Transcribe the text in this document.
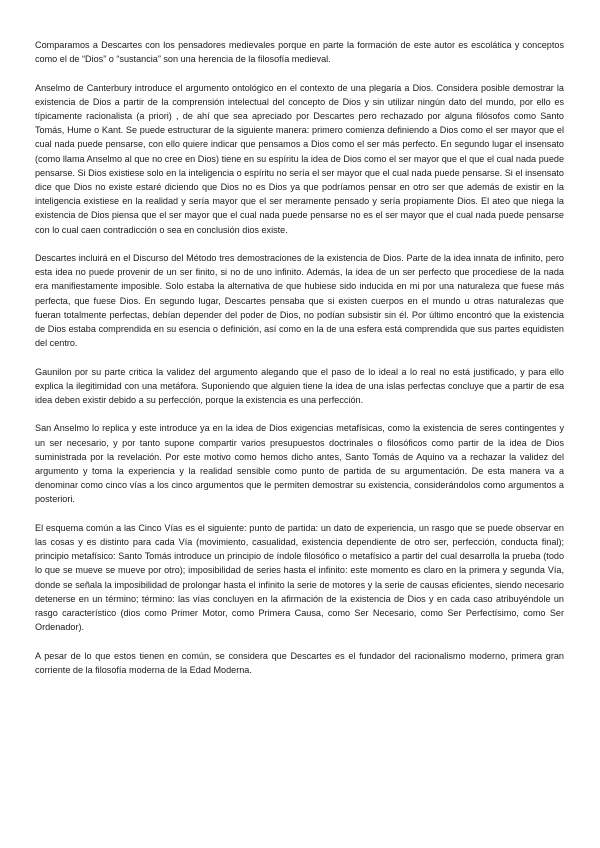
Comparamos a Descartes con los pensadores medievales porque en parte la formación de este autor es escolática y conceptos como el de “Dios” o “sustancia” son una herencia de la filosofía medieval.

Anselmo de Canterbury introduce el argumento ontológico en el contexto de una plegaria a Dios. Considera posible demostrar la existencia de Dios a partir de la comprensión intelectual del concepto de Dios y sin utilizar ningún dato del mundo, por ello es típicamente racionalista (a priori) , de ahí que sea apreciado por Descartes pero rechazado por alguna filósofos como Santo Tomás, Hume o Kant. Se puede estructurar de la siguiente manera: primero comienza definiendo a Dios como el ser mayor que el cual nada puede pensarse, con ello quiere indicar que pensamos a Dios como el ser más perfecto. En segundo lugar el insensato (como llama Anselmo al que no cree en Dios) tiene en su espíritu la idea de Dios como el ser mayor que el que el cual nada puede pensarse. Si Dios existiese solo en la inteligencia o espíritu no sería el ser mayor que el cual nada puede pensarse. Si el insensato dice que Dios no existe estaré diciendo que Dios no es Dios ya que podríamos pensar en otro ser que además de existir en la inteligencia existiese en la realidad y sería mayor que el ser meramente pensado y sería propiamente Dios. El ateo que niega la existencia de Dios piensa que el ser mayor que el cual nada puede pensarse no es el ser mayor que el cual nada puede pensarse con lo cual caen contradicción o sea en conclusión dios existe.

Descartes incluirá en el Discurso del Método tres demostraciones de la existencia de Dios. Parte de la idea innata de infinito, pero esta idea no puede provenir de un ser finito, si no de uno infinito. Además, la idea de un ser perfecto que procediese de la nada era manifiestamente imposible. Solo estaba la alternativa de que hubiese sido inducida en mi por una naturaleza que fuese más perfecta, que fuese Dios. En segundo lugar, Descartes pensaba que si existen cuerpos en el mundo u otras naturalezas que fueran totalmente perfectas, debían depender del poder de Dios, no podían subsistir sin él. Por último encontró que la existencia de Dios estaba comprendida en su esencia o definición, así como en la de una esfera está comprendida que sus partes equidisten del centro.

Gaunilon por su parte critica la validez del argumento alegando que el paso de lo ideal a lo real no está justificado, y para ello explica la ilegitimidad con una metáfora. Suponiendo que alguien tiene la idea de una islas perfectas concluye que a partir de esa idea deben existir debido a su perfección, porque la existencia es una perfección.

San Anselmo lo replica y este introduce ya en la idea de Dios exigencias metafísicas, como la existencia de seres contingentes y un ser necesario, y por tanto supone compartir varios presupuestos doctrinales o filosóficos como partir de la idea de Dios suministrada por la revelación. Por este motivo como hemos dicho antes, Santo Tomás de Aquino va a rechazar la validez del argumento y toma la experiencia y la realidad sensible como punto de partida de su argumentación. De esta manera va a denominar como cinco vías a los cinco argumentos que le permiten demostrar su existencia, considerándolos como argumentos a posteriori.

El esquema común a las Cinco Vías es el siguiente: punto de partida: un dato de experiencia, un rasgo que se puede observar en las cosas y es distinto para cada Vía (movimiento, casualidad, existencia dependiente de otro ser, perfección, conducta final); principio metafísico: Santo Tomás introduce un principio de índole filosófico o metafísico a partir del cual desarrolla la prueba (todo lo que se mueve se mueve por otro); imposibilidad de series hasta el infinito: este momento es claro en la primera y segunda Vía, donde se señala la imposibilidad de prolongar hasta el infinito la serie de motores y la serie de causas eficientes, siendo necesario detenerse en un término; término: las vías concluyen en la afirmación de la existencia de Dios y en cada caso atribuyéndole un rasgo característico (dios como Primer Motor, como Primera Causa, como Ser Necesario, como Ser Perfectísimo, como Ser Ordenador).

A pesar de lo que estos tienen en común, se considera que Descartes es el fundador del racionalismo moderno, primera gran corriente de la filosofía moderna de la Edad Moderna.
